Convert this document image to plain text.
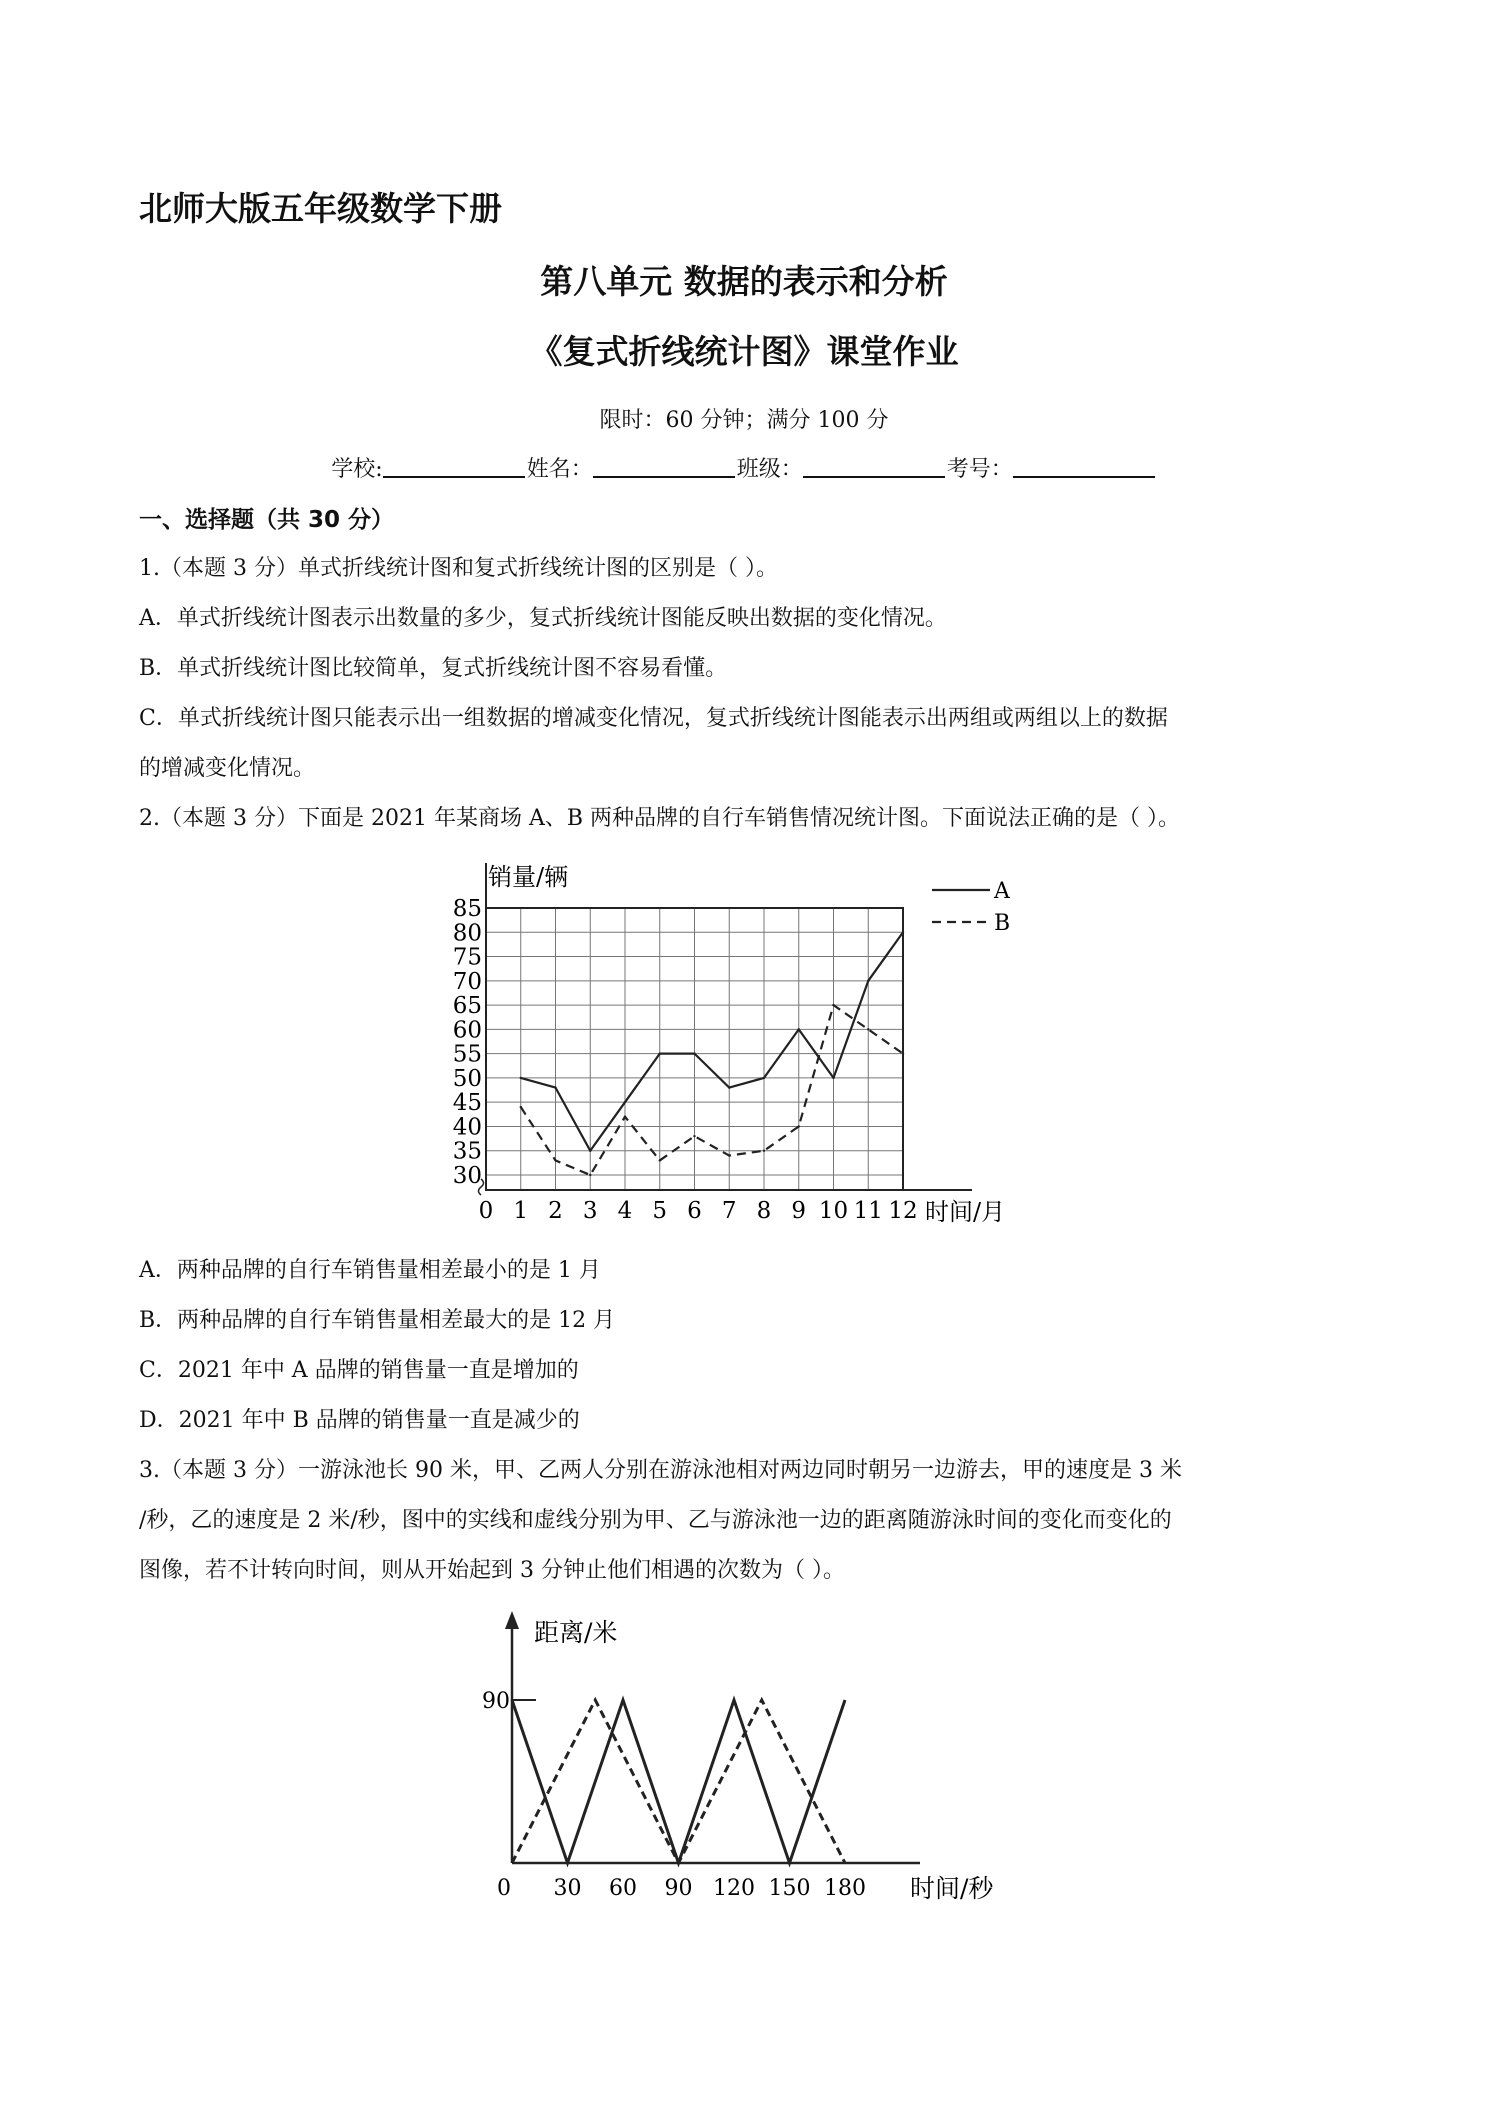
北师大版五年级数学下册
第八单元 数据的表示和分析
《复式折线统计图》课堂作业
限时：60 分钟；满分 100 分
学校:	姓名：	班级：	考号：
一、选择题（共 30 分）
1.（本题 3 分）单式折线统计图和复式折线统计图的区别是（ ）。
A．单式折线统计图表示出数量的多少，复式折线统计图能反映出数据的变化情况。
B．单式折线统计图比较简单，复式折线统计图不容易看懂。
C．单式折线统计图只能表示出一组数据的增减变化情况，复式折线统计图能表示出两组或两组以上的数据
的增减变化情况。
2.（本题 3 分）下面是 2021 年某商场 A、B 两种品牌的自行车销售情况统计图。下面说法正确的是（ ）。
30
35
40
45
50
55
60
65
70
75
80
85
0 1 2 3 4 5 6 7 8 9 10 11 12
销量/辆
时间/月
A
B
A．两种品牌的自行车销售量相差最小的是 1 月
B．两种品牌的自行车销售量相差最大的是 12 月
C．2021 年中 A 品牌的销售量一直是增加的
D．2021 年中 B 品牌的销售量一直是减少的
3.（本题 3 分）一游泳池长 90 米，甲、乙两人分别在游泳池相对两边同时朝另一边游去，甲的速度是 3 米
/秒，乙的速度是 2 米/秒，图中的实线和虚线分别为甲、乙与游泳池一边的距离随游泳时间的变化而变化的
图像，若不计转向时间，则从开始起到 3 分钟止他们相遇的次数为（ ）。
距离/米
90
0 30 60 90 120 150 180 时间/秒
